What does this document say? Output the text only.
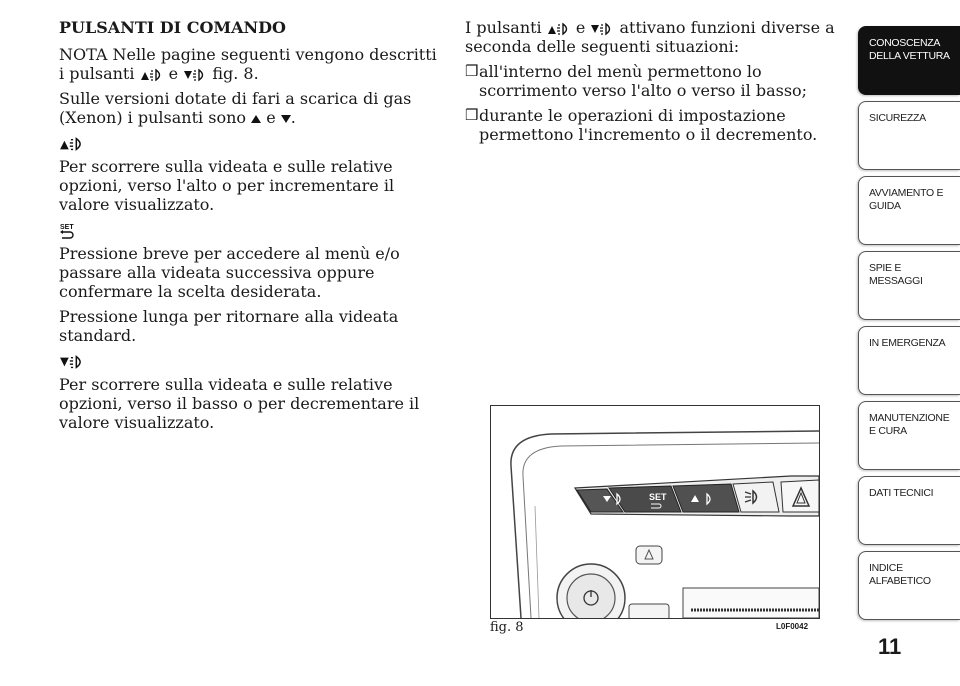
PULSANTI DI COMANDO

NOTA Nelle pagine seguenti vengono descritti i pulsanti e fig. 8.

Sulle versioni dotate di fari a scarica di gas (Xenon) i pulsanti sono e .

Per scorrere sulla videata e sulle relative opzioni, verso l'alto o per incrementare il valore visualizzato.

SET

Pressione breve per accedere al menù e/o passare alla videata successiva oppure confermare la scelta desiderata.

Pressione lunga per ritornare alla videata standard.

Per scorrere sulla videata e sulle relative opzioni, verso il basso o per decrementare il valore visualizzato.

I pulsanti e attivano funzioni diverse a seconda delle seguenti situazioni:

❒ all'interno del menù permettono lo scorrimento verso l'alto o verso il basso;
❒ durante le operazioni di impostazione permettono l'incremento o il decremento.
SET
fig. 8	L0F0042
CONOSCENZA DELLA VETTURA
SICUREZZA
AVVIAMENTO E GUIDA
SPIE E MESSAGGI
IN EMERGENZA
MANUTENZIONE E CURA
DATI TECNICI
INDICE ALFABETICO
11
